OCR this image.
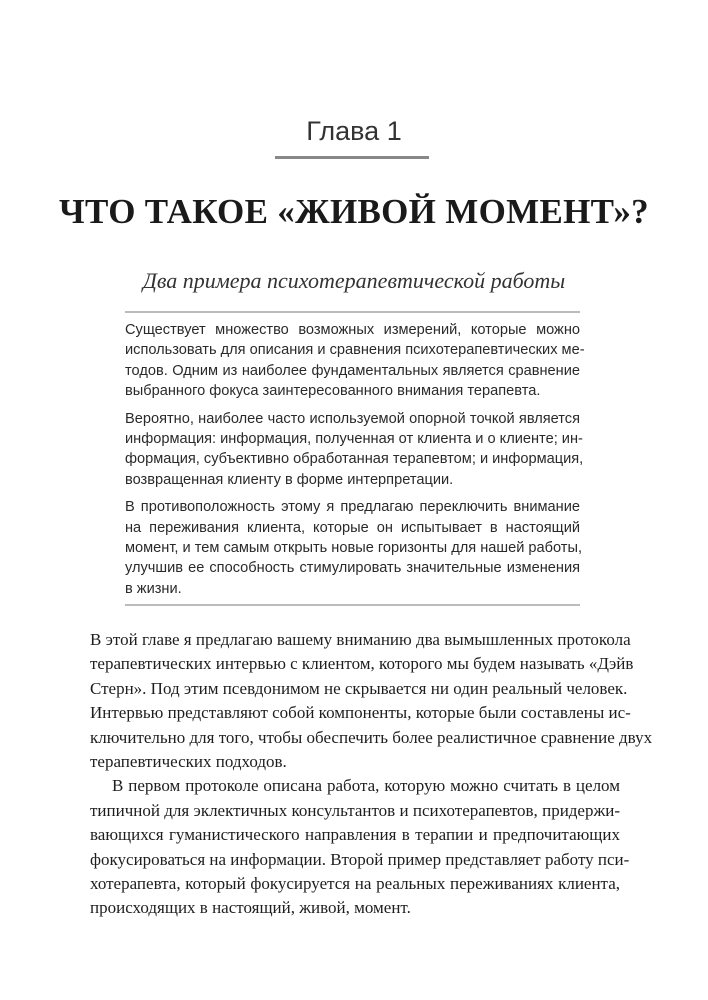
Глава 1
ЧТО ТАКОЕ «ЖИВОЙ МОМЕНТ»?
Два примера психотерапевтической работы

Существует множество возможных измерений, которые можно
использовать для описания и сравнения психотерапевтических ме-
тодов. Одним из наиболее фундаментальных является сравнение
выбранного фокуса заинтересованного внимания терапевта.

Вероятно, наиболее часто используемой опорной точкой является
информация: информация, полученная от клиента и о клиенте; ин-
формация, субъективно обработанная терапевтом; и информация,
возвращенная клиенту в форме интерпретации.

В противоположность этому я предлагаю переключить внимание
на переживания клиента, которые он испытывает в настоящий
момент, и тем самым открыть новые горизонты для нашей работы,
улучшив ее способность стимулировать значительные изменения
в жизни.

В этой главе я предлагаю вашему вниманию два вымышленных протокола
терапевтических интервью с клиентом, которого мы будем называть «Дэйв
Стерн». Под этим псевдонимом не скрывается ни один реальный человек.
Интервью представляют собой компоненты, которые были составлены ис-
ключительно для того, чтобы обеспечить более реалистичное сравнение двух
терапевтических подходов.

В первом протоколе описана работа, которую можно считать в целом
типичной для эклектичных консультантов и психотерапевтов, придержи-
вающихся гуманистического направления в терапии и предпочитающих
фокусироваться на информации. Второй пример представляет работу пси-
хотерапевта, который фокусируется на реальных переживаниях клиента,
происходящих в настоящий, живой, момент.
